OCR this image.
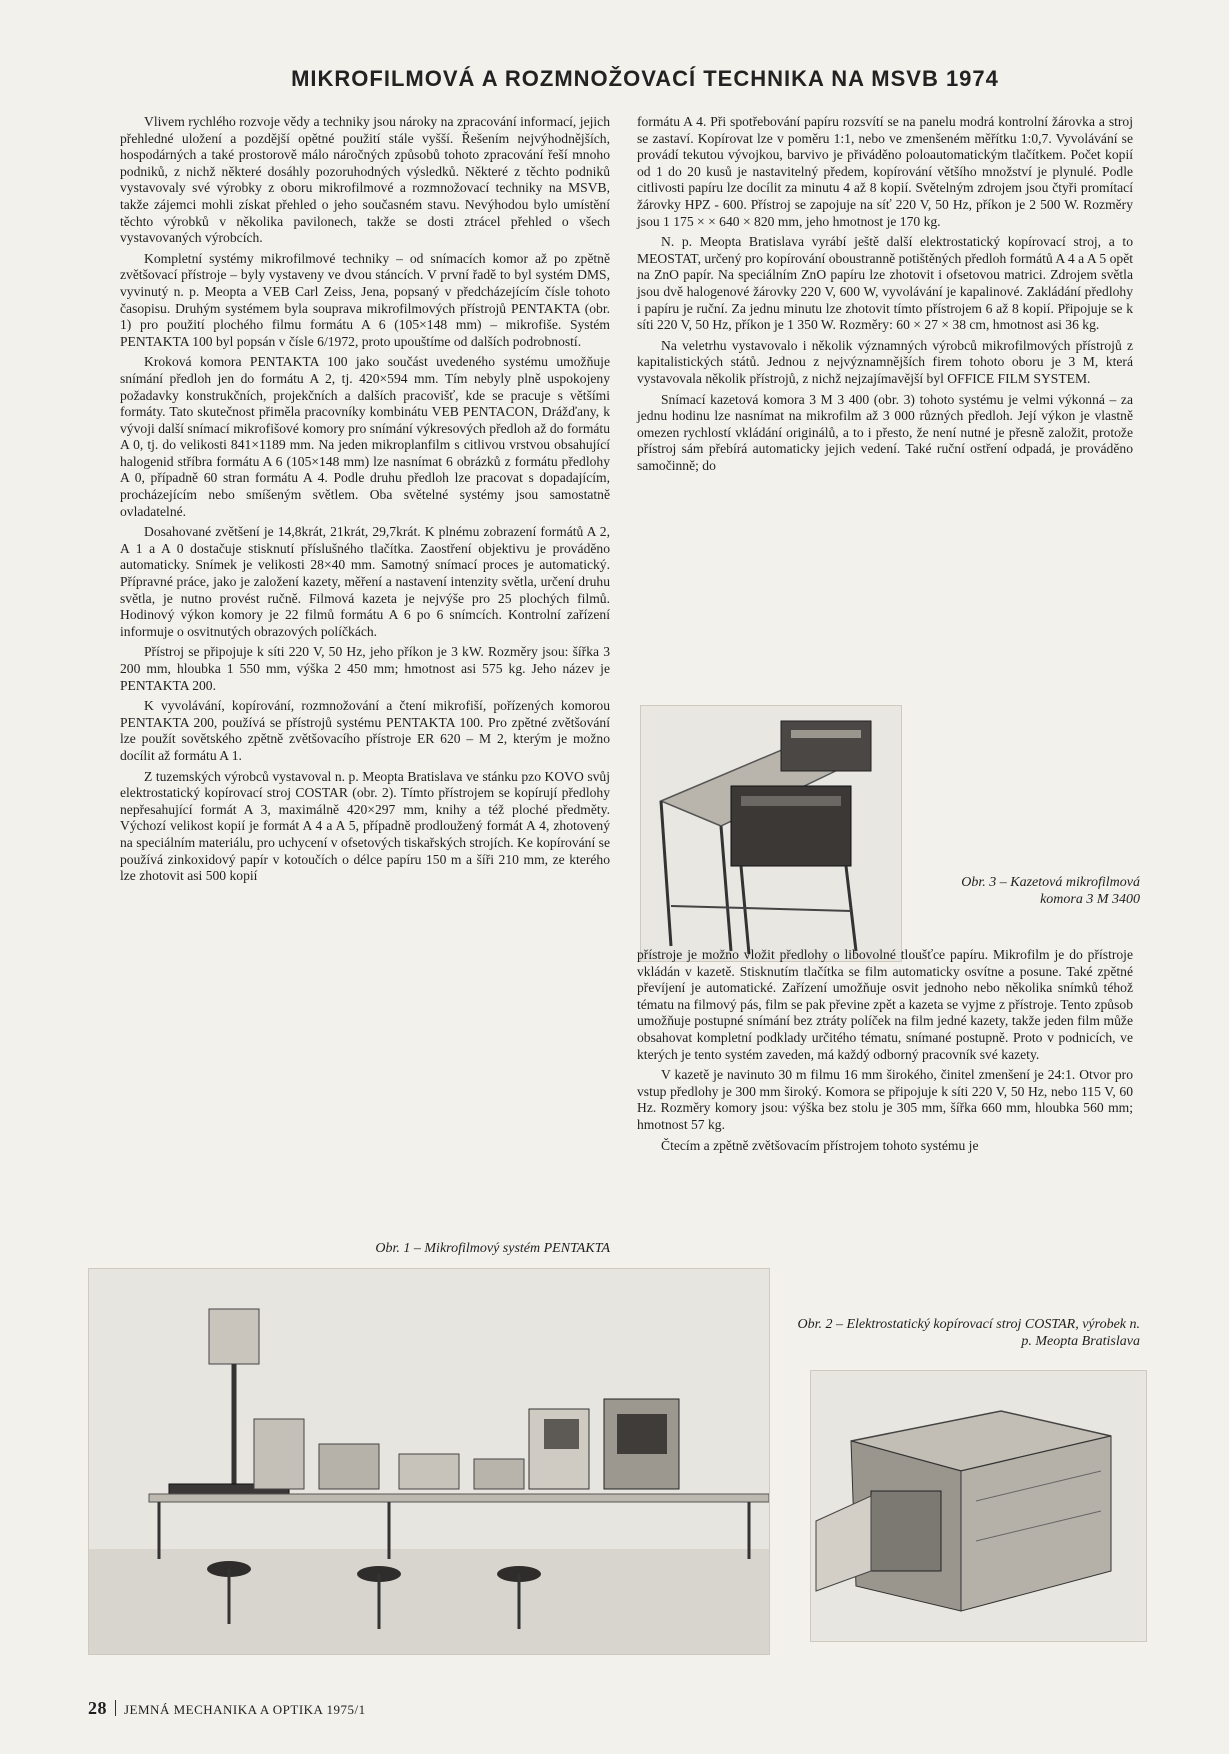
MIKROFILMOVÁ A ROZMNOŽOVACÍ TECHNIKA NA MSVB 1974

Vlivem rychlého rozvoje vědy a techniky jsou nároky na zpracování informací, jejich přehledné uložení a pozdější opětné použití stále vyšší. Řešením nejvýhodnějších, hospodárných a také prostorově málo náročných způsobů tohoto zpracování řeší mnoho podniků, z nichž některé dosáhly pozoruhodných výsledků. Některé z těchto podniků vystavovaly své výrobky z oboru mikrofilmové a rozmnožovací techniky na MSVB, takže zájemci mohli získat přehled o jeho současném stavu. Nevýhodou bylo umístění těchto výrobků v několika pavilonech, takže se dosti ztrácel přehled o všech vystavovaných výrobcích.

Kompletní systémy mikrofilmové techniky – od snímacích komor až po zpětně zvětšovací přístroje – byly vystaveny ve dvou stáncích. V první řadě to byl systém DMS, vyvinutý n. p. Meopta a VEB Carl Zeiss, Jena, popsaný v předcházejícím čísle tohoto časopisu. Druhým systémem byla souprava mikrofilmových přístrojů PENTAKTA (obr. 1) pro použití plochého filmu formátu A 6 (105×148 mm) – mikrofiše. Systém PENTAKTA 100 byl popsán v čísle 6/1972, proto upouštíme od dalších podrobností.

Kroková komora PENTAKTA 100 jako součást uvedeného systému umožňuje snímání předloh jen do formátu A 2, tj. 420×594 mm. Tím nebyly plně uspokojeny požadavky konstrukčních, projekčních a dalších pracovišť, kde se pracuje s většími formáty. Tato skutečnost přiměla pracovníky kombinátu VEB PENTACON, Drážďany, k vývoji další snímací mikrofišové komory pro snímání výkresových předloh až do formátu A 0, tj. do velikosti 841×1189 mm. Na jeden mikroplanfilm s citlivou vrstvou obsahující halogenid stříbra formátu A 6 (105×148 mm) lze nasnímat 6 obrázků z formátu předlohy A 0, případně 60 stran formátu A 4. Podle druhu předloh lze pracovat s dopadajícím, procházejícím nebo smíšeným světlem. Oba světelné systémy jsou samostatně ovladatelné.

Dosahované zvětšení je 14,8krát, 21krát, 29,7krát. K plnému zobrazení formátů A 2, A 1 a A 0 dostačuje stisknutí příslušného tlačítka. Zaostření objektivu je prováděno automaticky. Snímek je velikosti 28×40 mm. Samotný snímací proces je automatický. Přípravné práce, jako je založení kazety, měření a nastavení intenzity světla, určení druhu světla, je nutno provést ručně. Filmová kazeta je nejvýše pro 25 plochých filmů. Hodinový výkon komory je 22 filmů formátu A 6 po 6 snímcích. Kontrolní zařízení informuje o osvitnutých obrazových políčkách.

Přístroj se připojuje k síti 220 V, 50 Hz, jeho příkon je 3 kW. Rozměry jsou: šířka 3 200 mm, hloubka 1 550 mm, výška 2 450 mm; hmotnost asi 575 kg. Jeho název je PENTAKTA 200.

K vyvolávání, kopírování, rozmnožování a čtení mikrofiší, pořízených komorou PENTAKTA 200, používá se přístrojů systému PENTAKTA 100. Pro zpětné zvětšování lze použít sovětského zpětně zvětšovacího přístroje ER 620 – M 2, kterým je možno docílit až formátu A 1.

Z tuzemských výrobců vystavoval n. p. Meopta Bratislava ve stánku pzo KOVO svůj elektrostatický kopírovací stroj COSTAR (obr. 2). Tímto přístrojem se kopírují předlohy nepřesahující formát A 3, maximálně 420×297 mm, knihy a též ploché předměty. Výchozí velikost kopií je formát A 4 a A 5, případně prodloužený formát A 4, zhotovený na speciálním materiálu, pro uchycení v ofsetových tiskařských strojích. Ke kopírování se používá zinkoxidový papír v kotoučích o délce papíru 150 m a šíři 210 mm, ze kterého lze zhotovit asi 500 kopií

formátu A 4. Při spotřebování papíru rozsvítí se na panelu modrá kontrolní žárovka a stroj se zastaví. Kopírovat lze v poměru 1:1, nebo ve zmenšeném měřítku 1:0,7. Vyvolávání se provádí tekutou vývojkou, barvivo je přiváděno poloautomatickým tlačítkem. Počet kopií od 1 do 20 kusů je nastavitelný předem, kopírování většího množství je plynulé. Podle citlivosti papíru lze docílit za minutu 4 až 8 kopií. Světelným zdrojem jsou čtyři promítací žárovky HPZ - 600. Přístroj se zapojuje na síť 220 V, 50 Hz, příkon je 2 500 W. Rozměry jsou 1 175 × × 640 × 820 mm, jeho hmotnost je 170 kg.

N. p. Meopta Bratislava vyrábí ještě další elektrostatický kopírovací stroj, a to MEOSTAT, určený pro kopírování oboustranně potištěných předloh formátů A 4 a A 5 opět na ZnO papír. Na speciálním ZnO papíru lze zhotovit i ofsetovou matrici. Zdrojem světla jsou dvě halogenové žárovky 220 V, 600 W, vyvolávání je kapalinové. Zakládání předlohy i papíru je ruční. Za jednu minutu lze zhotovit tímto přístrojem 6 až 8 kopií. Připojuje se k síti 220 V, 50 Hz, příkon je 1 350 W. Rozměry: 60 × 27 × 38 cm, hmotnost asi 36 kg.

Na veletrhu vystavovalo i několik významných výrobců mikrofilmových přístrojů z kapitalistických států. Jednou z nejvýznamnějších firem tohoto oboru je 3 M, která vystavovala několik přístrojů, z nichž nejzajímavější byl OFFICE FILM SYSTEM.

Snímací kazetová komora 3 M 3 400 (obr. 3) tohoto systému je velmi výkonná – za jednu hodinu lze nasnímat na mikrofilm až 3 000 různých předloh. Její výkon je vlastně omezen rychlostí vkládání originálů, a to i přesto, že není nutné je přesně založit, protože přístroj sám přebírá automaticky jejich vedení. Také ruční ostření odpadá, je prováděno samočinně; do

Obr. 3 – Kazetová mikrofilmová komora 3 M 3400

přístroje je možno vložit předlohy o libovolné tloušťce papíru. Mikrofilm je do přístroje vkládán v kazetě. Stisknutím tlačítka se film automaticky osvítne a posune. Také zpětné převíjení je automatické. Zařízení umožňuje osvit jednoho nebo několika snímků téhož tématu na filmový pás, film se pak převine zpět a kazeta se vyjme z přístroje. Tento způsob umožňuje postupné snímání bez ztráty políček na film jedné kazety, takže jeden film může obsahovat kompletní podklady určitého tématu, snímané postupně. Proto v podnicích, ve kterých je tento systém zaveden, má každý odborný pracovník své kazety.

V kazetě je navinuto 30 m filmu 16 mm širokého, činitel zmenšení je 24:1. Otvor pro vstup předlohy je 300 mm široký. Komora se připojuje k síti 220 V, 50 Hz, nebo 115 V, 60 Hz. Rozměry komory jsou: výška bez stolu je 305 mm, šířka 660 mm, hloubka 560 mm; hmotnost 57 kg.

Čtecím a zpětně zvětšovacím přístrojem tohoto systému je

Obr. 1 – Mikrofilmový systém PENTAKTA
Obr. 2 – Elektrostatický kopírovací stroj COSTAR, výrobek n. p. Meopta Bratislava
28 JEMNÁ MECHANIKA A OPTIKA 1975/1
